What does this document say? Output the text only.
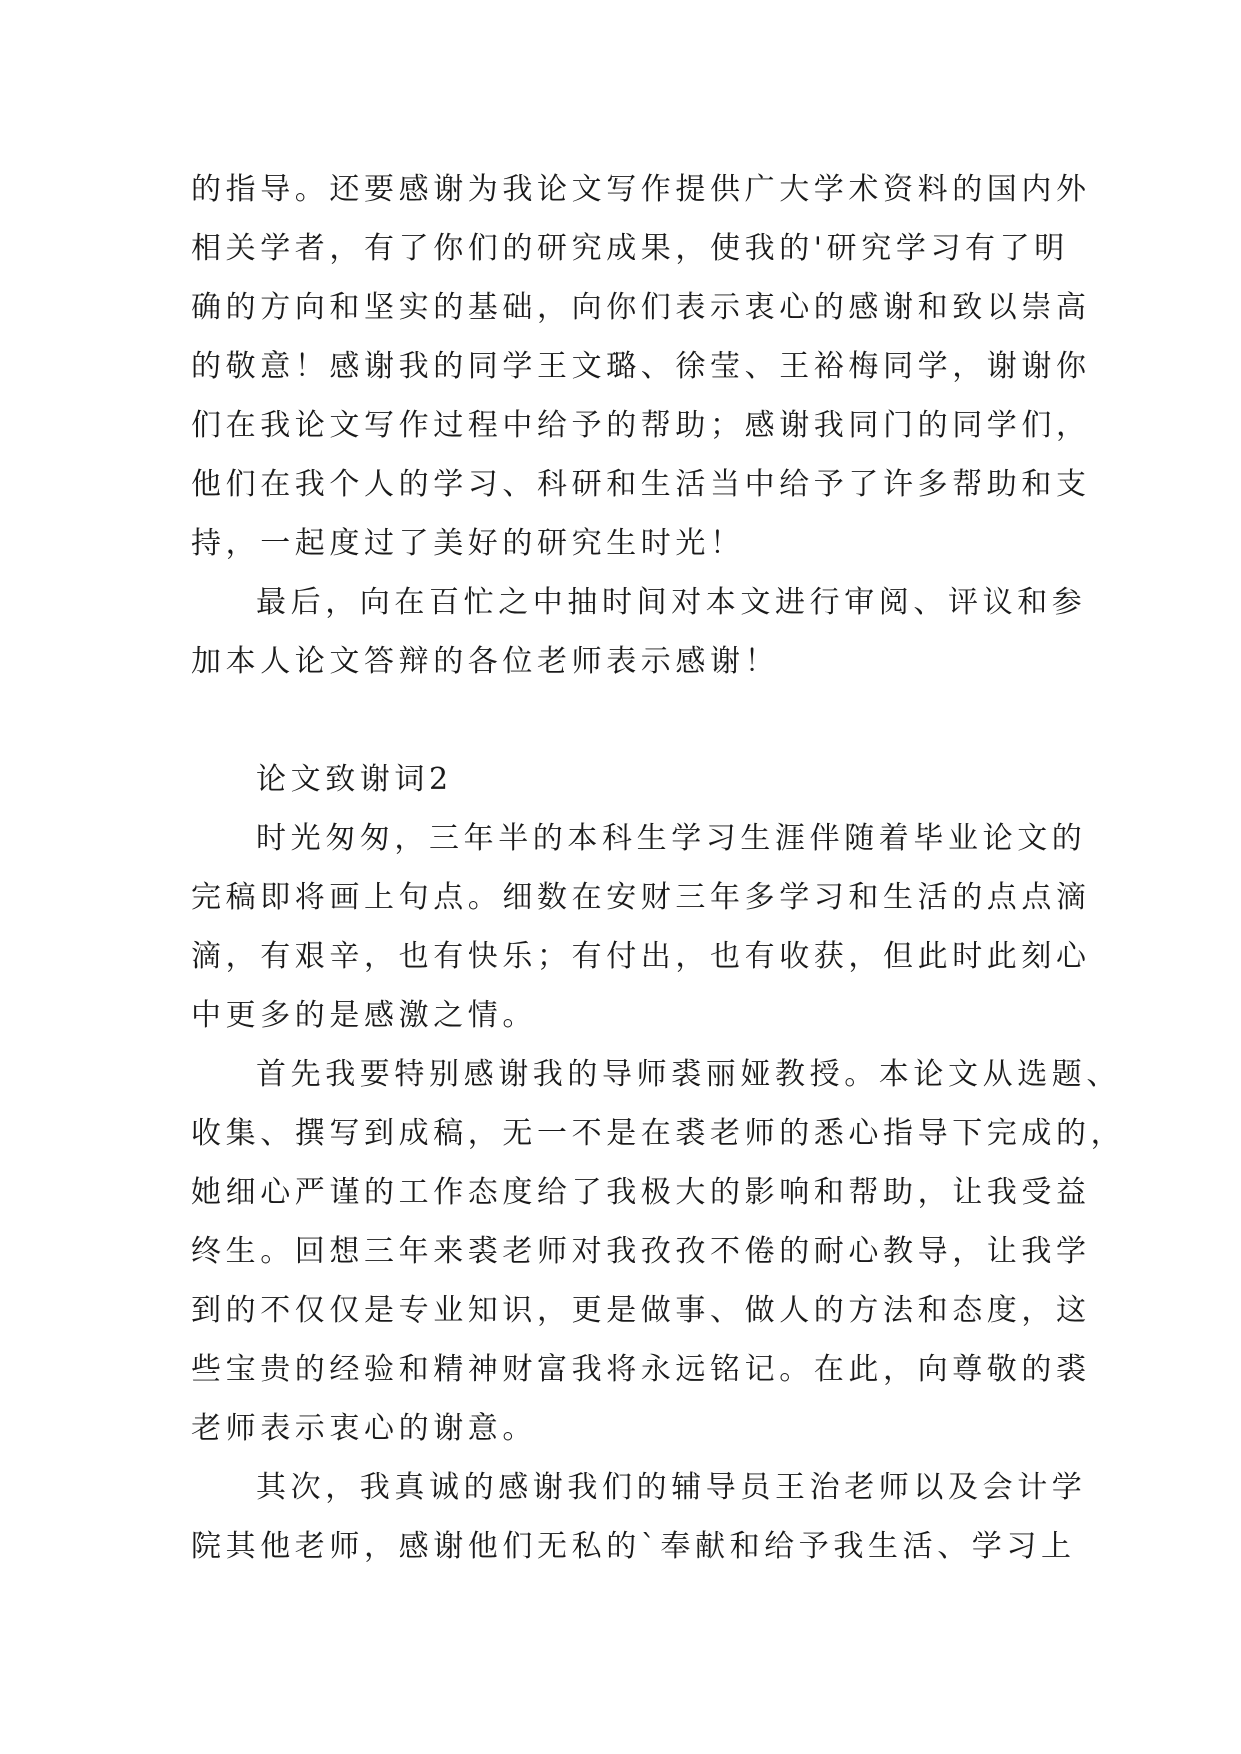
的指导。还要感谢为我论文写作提供广大学术资料的国内外
相关学者，有了你们的研究成果，使我的'研究学习有了明
确的方向和坚实的基础，向你们表示衷心的感谢和致以崇高
的敬意！感谢我的同学王文璐、徐莹、王裕梅同学，谢谢你
们在我论文写作过程中给予的帮助；感谢我同门的同学们，
他们在我个人的学习、科研和生活当中给予了许多帮助和支
持，一起度过了美好的研究生时光！
最后，向在百忙之中抽时间对本文进行审阅、评议和参
加本人论文答辩的各位老师表示感谢！
论文致谢词2
时光匆匆，三年半的本科生学习生涯伴随着毕业论文的
完稿即将画上句点。细数在安财三年多学习和生活的点点滴
滴，有艰辛，也有快乐；有付出，也有收获，但此时此刻心
中更多的是感激之情。
首先我要特别感谢我的导师裘丽娅教授。本论文从选题、
收集、撰写到成稿，无一不是在裘老师的悉心指导下完成的，
她细心严谨的工作态度给了我极大的影响和帮助，让我受益
终生。回想三年来裘老师对我孜孜不倦的耐心教导，让我学
到的不仅仅是专业知识，更是做事、做人的方法和态度，这
些宝贵的经验和精神财富我将永远铭记。在此，向尊敬的裘
老师表示衷心的谢意。
其次，我真诚的感谢我们的辅导员王治老师以及会计学
院其他老师，感谢他们无私的`奉献和给予我生活、学习上
